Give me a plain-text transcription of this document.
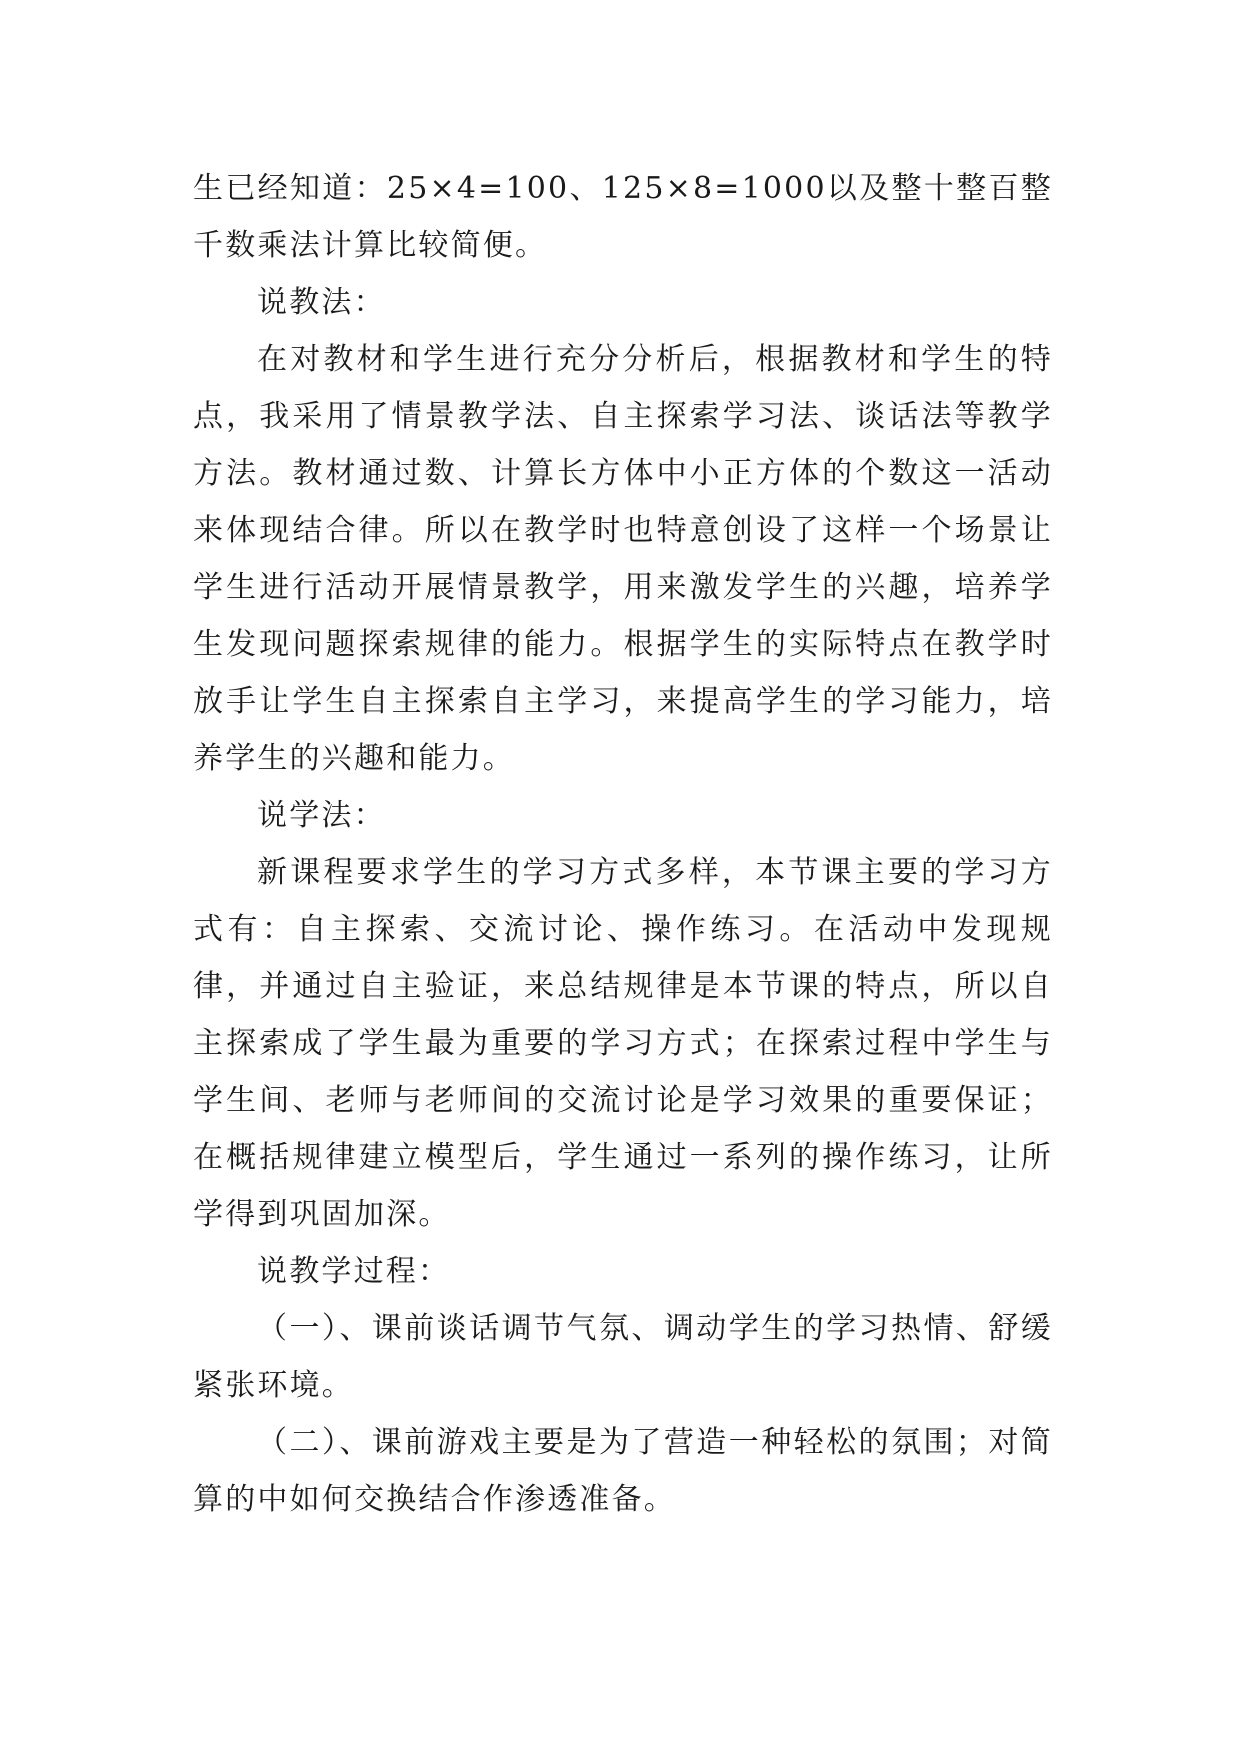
生已经知道：25×4=100、125×8=1000以及整十整百整千数乘法计算比较简便。

说教法：

在对教材和学生进行充分分析后，根据教材和学生的特点，我采用了情景教学法、自主探索学习法、谈话法等教学方法。教材通过数、计算长方体中小正方体的个数这一活动来体现结合律。所以在教学时也特意创设了这样一个场景让学生进行活动开展情景教学，用来激发学生的兴趣，培养学生发现问题探索规律的能力。根据学生的实际特点在教学时放手让学生自主探索自主学习，来提高学生的学习能力，培养学生的兴趣和能力。

说学法：

新课程要求学生的学习方式多样，本节课主要的学习方式有：自主探索、交流讨论、操作练习。在活动中发现规律，并通过自主验证，来总结规律是本节课的特点，所以自主探索成了学生最为重要的学习方式；在探索过程中学生与学生间、老师与老师间的交流讨论是学习效果的重要保证；在概括规律建立模型后，学生通过一系列的操作练习，让所学得到巩固加深。

说教学过程：

（一）、课前谈话调节气氛、调动学生的学习热情、舒缓紧张环境。

（二）、课前游戏主要是为了营造一种轻松的氛围；对简算的中如何交换结合作渗透准备。
